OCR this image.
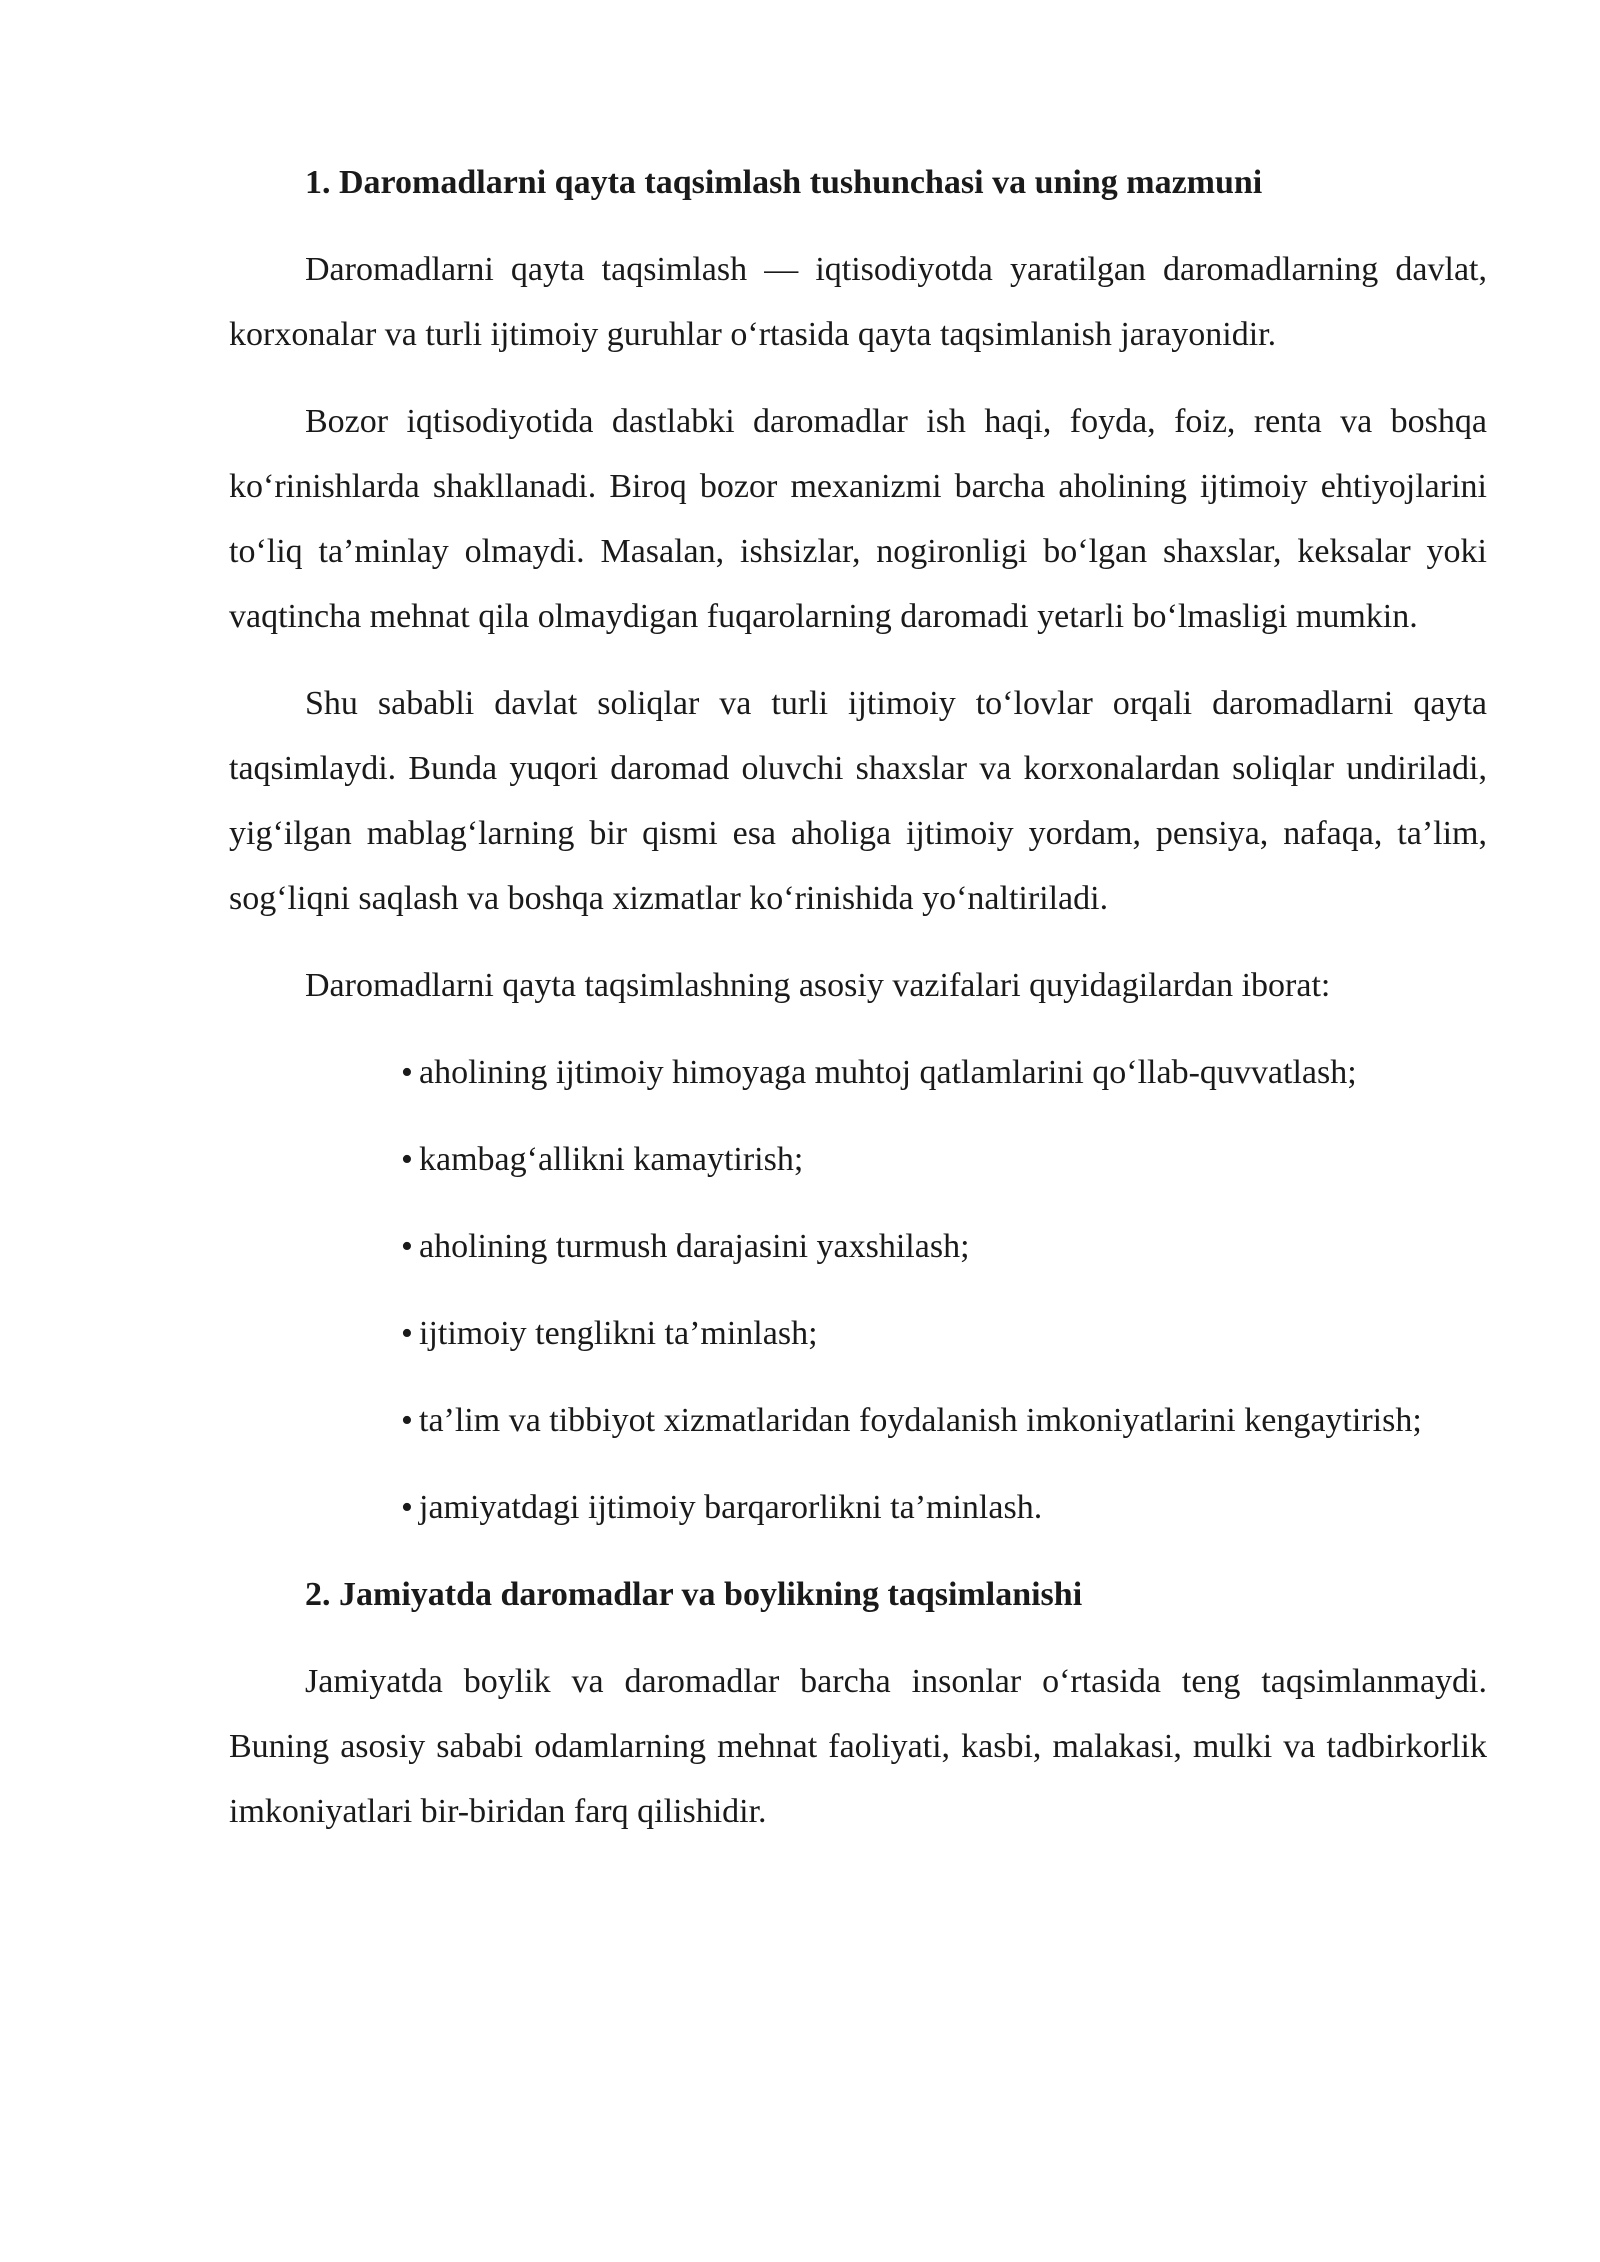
1. Daromadlarni qayta taqsimlash tushunchasi va uning mazmuni

Daromadlarni qayta taqsimlash — iqtisodiyotda yaratilgan daromadlarning davlat, korxonalar va turli ijtimoiy guruhlar o‘rtasida qayta taqsimlanish jarayonidir.

Bozor iqtisodiyotida dastlabki daromadlar ish haqi, foyda, foiz, renta va boshqa ko‘rinishlarda shakllanadi. Biroq bozor mexanizmi barcha aholining ijtimoiy ehtiyojlarini to‘liq ta’minlay olmaydi. Masalan, ishsizlar, nogironligi bo‘lgan shaxslar, keksalar yoki vaqtincha mehnat qila olmaydigan fuqarolarning daromadi yetarli bo‘lmasligi mumkin.

Shu sababli davlat soliqlar va turli ijtimoiy to‘lovlar orqali daromadlarni qayta taqsimlaydi. Bunda yuqori daromad oluvchi shaxslar va korxonalardan soliqlar undiriladi, yig‘ilgan mablag‘larning bir qismi esa aholiga ijtimoiy yordam, pensiya, nafaqa, ta’lim, sog‘liqni saqlash va boshqa xizmatlar ko‘rinishida yo‘naltiriladi.

Daromadlarni qayta taqsimlashning asosiy vazifalari quyidagilardan iborat:

• aholining ijtimoiy himoyaga muhtoj qatlamlarini qo‘llab-quvvatlash;
• kambag‘allikni kamaytirish;
• aholining turmush darajasini yaxshilash;
• ijtimoiy tenglikni ta’minlash;
• ta’lim va tibbiyot xizmatlaridan foydalanish imkoniyatlarini kengaytirish;
• jamiyatdagi ijtimoiy barqarorlikni ta’minlash.
2. Jamiyatda daromadlar va boylikning taqsimlanishi

Jamiyatda boylik va daromadlar barcha insonlar o‘rtasida teng taqsimlanmaydi. Buning asosiy sababi odamlarning mehnat faoliyati, kasbi, malakasi, mulki va tadbirkorlik imkoniyatlari bir-biridan farq qilishidir.
